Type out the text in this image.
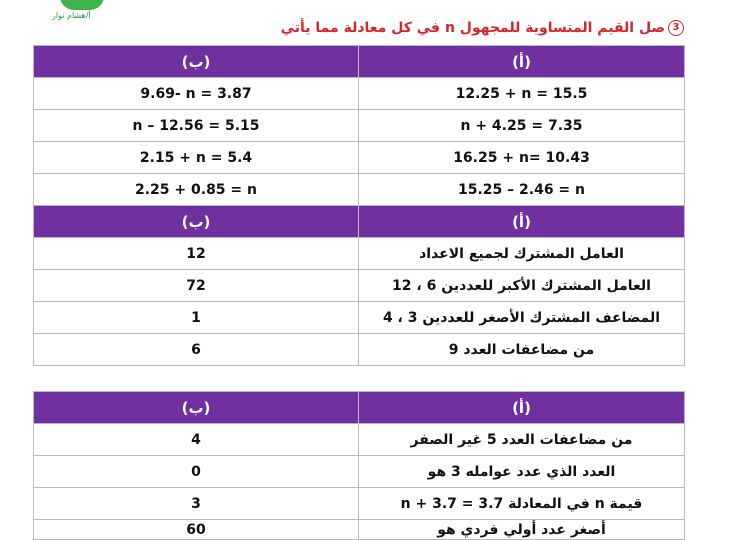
أ/هشام نوار
3
صل القيم المتساوية للمجهول n في كل معادلة مما يأتي
(ب)	(أ)
9.69- n = 3.87	12.25 + n = 15.5
n – 12.56 = 5.15	n + 4.25 = 7.35
2.15 + n = 5.4	16.25 + n= 10.43
2.25 + 0.85 = n	15.25 – 2.46 = n
(ب)	(أ)
12	العامل المشترك لجميع الاعداد
72	العامل المشترك الأكبر للعددين 6 ، 12
1	المضاعف المشترك الأصغر للعددين 3 ، 4
6	من مضاعفات العدد 9
(ب)	(أ)
4	من مضاعفات العدد 5 غير الصفر
0	العدد الذي عدد عوامله 3 هو
3	قيمة n في المعادلة 3.7 = n + 3.7
60	أصغر عدد أولي فردي هو
